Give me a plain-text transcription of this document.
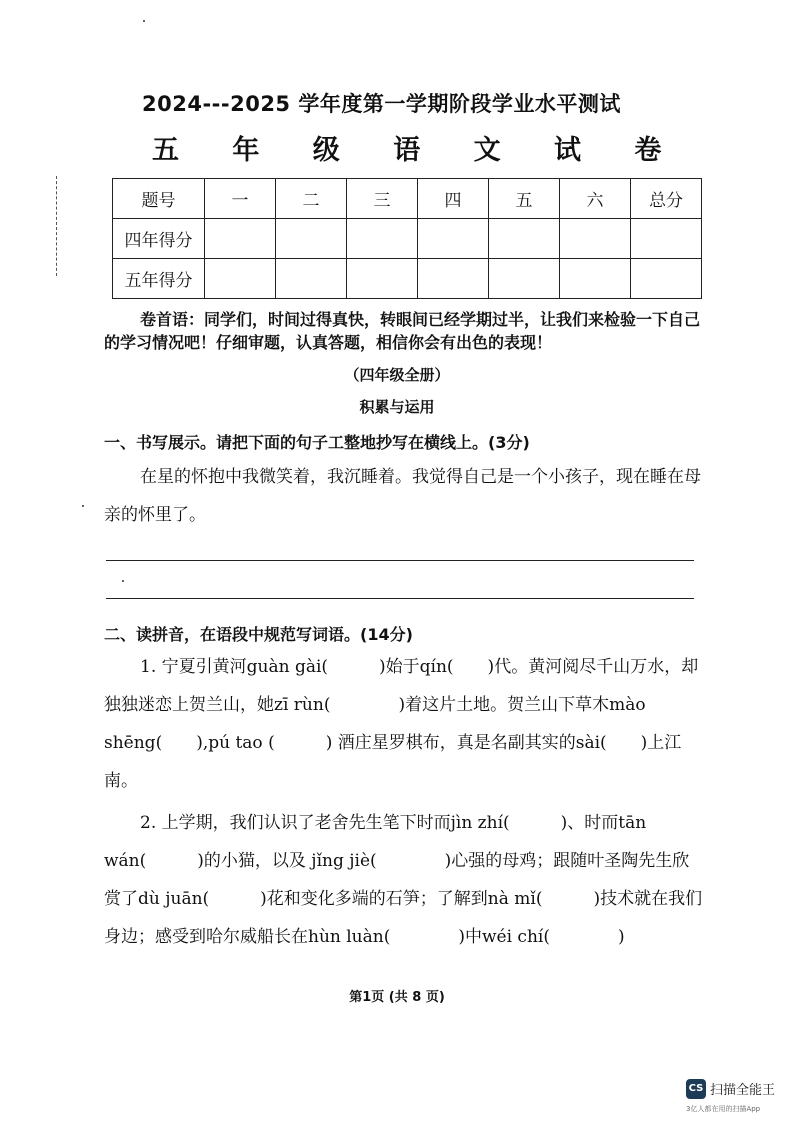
2024---2025 学年度第一学期阶段学业水平测试
五 年 级 语 文 试 卷
题号	一	二	三	四	五	六	总分
四年得分							
五年得分							
卷首语：同学们，时间过得真快，转眼间已经学期过半，让我们来检验一下自己的学习情况吧！仔细审题，认真答题，相信你会有出色的表现！
（四年级全册）
积累与运用
一、书写展示。请把下面的句子工整地抄写在横线上。(3分)
在星的怀抱中我微笑着，我沉睡着。我觉得自己是一个小孩子，现在睡在母亲的怀里了。
二、读拼音，在语段中规范写词语。(14分)
1. 宁夏引黄河guàn gài(　　　)始于qín(　　)代。黄河阅尽千山万水，却独独迷恋上贺兰山，她zī rùn(　　　　)着这片土地。贺兰山下草木mào shēng(　　),pú tao (　　　) 酒庄星罗棋布，真是名副其实的sài(　　)上江南。
2. 上学期，我们认识了老舍先生笔下时而jìn zhí(　　　)、时而tān wán(　　　)的小猫，以及 jǐng jiè(　　　　)心强的母鸡；跟随叶圣陶先生欣赏了dù juān(　　　)花和变化多端的石笋；了解到nà mǐ(　　　)技术就在我们身边；感受到哈尔威船长在hùn luàn(　　　　)中wéi chí(　　　　)
第1页 (共 8 页)
CS 扫描全能王
3亿人都在用的扫描App
